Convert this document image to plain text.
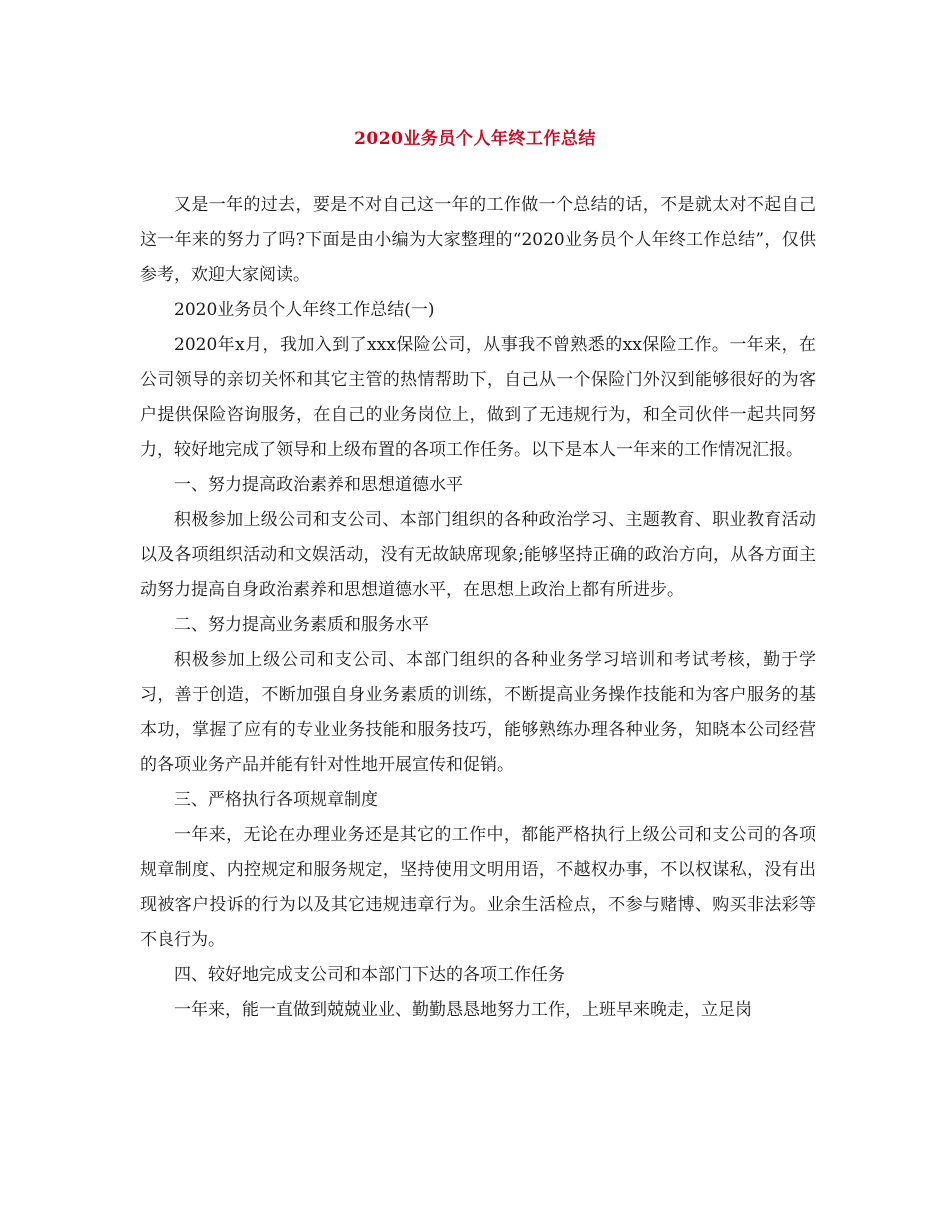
2020业务员个人年终工作总结

又是一年的过去，要是不对自己这一年的工作做一个总结的话，不是就太对不起自己这一年来的努力了吗?下面是由小编为大家整理的“2020业务员个人年终工作总结”，仅供参考，欢迎大家阅读。

2020业务员个人年终工作总结(一)

2020年x月，我加入到了xxx保险公司，从事我不曾熟悉的xx保险工作。一年来，在公司领导的亲切关怀和其它主管的热情帮助下，自己从一个保险门外汉到能够很好的为客户提供保险咨询服务，在自己的业务岗位上，做到了无违规行为，和全司伙伴一起共同努力，较好地完成了领导和上级布置的各项工作任务。以下是本人一年来的工作情况汇报。

一、努力提高政治素养和思想道德水平

积极参加上级公司和支公司、本部门组织的各种政治学习、主题教育、职业教育活动以及各项组织活动和文娱活动，没有无故缺席现象;能够坚持正确的政治方向，从各方面主动努力提高自身政治素养和思想道德水平，在思想上政治上都有所进步。

二、努力提高业务素质和服务水平

积极参加上级公司和支公司、本部门组织的各种业务学习培训和考试考核，勤于学习，善于创造，不断加强自身业务素质的训练，不断提高业务操作技能和为客户服务的基本功，掌握了应有的专业业务技能和服务技巧，能够熟练办理各种业务，知晓本公司经营的各项业务产品并能有针对性地开展宣传和促销。

三、严格执行各项规章制度

一年来，无论在办理业务还是其它的工作中，都能严格执行上级公司和支公司的各项规章制度、内控规定和服务规定，坚持使用文明用语，不越权办事，不以权谋私，没有出现被客户投诉的行为以及其它违规违章行为。业余生活检点，不参与赌博、购买非法彩等不良行为。

四、较好地完成支公司和本部门下达的各项工作任务

一年来，能一直做到兢兢业业、勤勤恳恳地努力工作，上班早来晚走，立足岗
